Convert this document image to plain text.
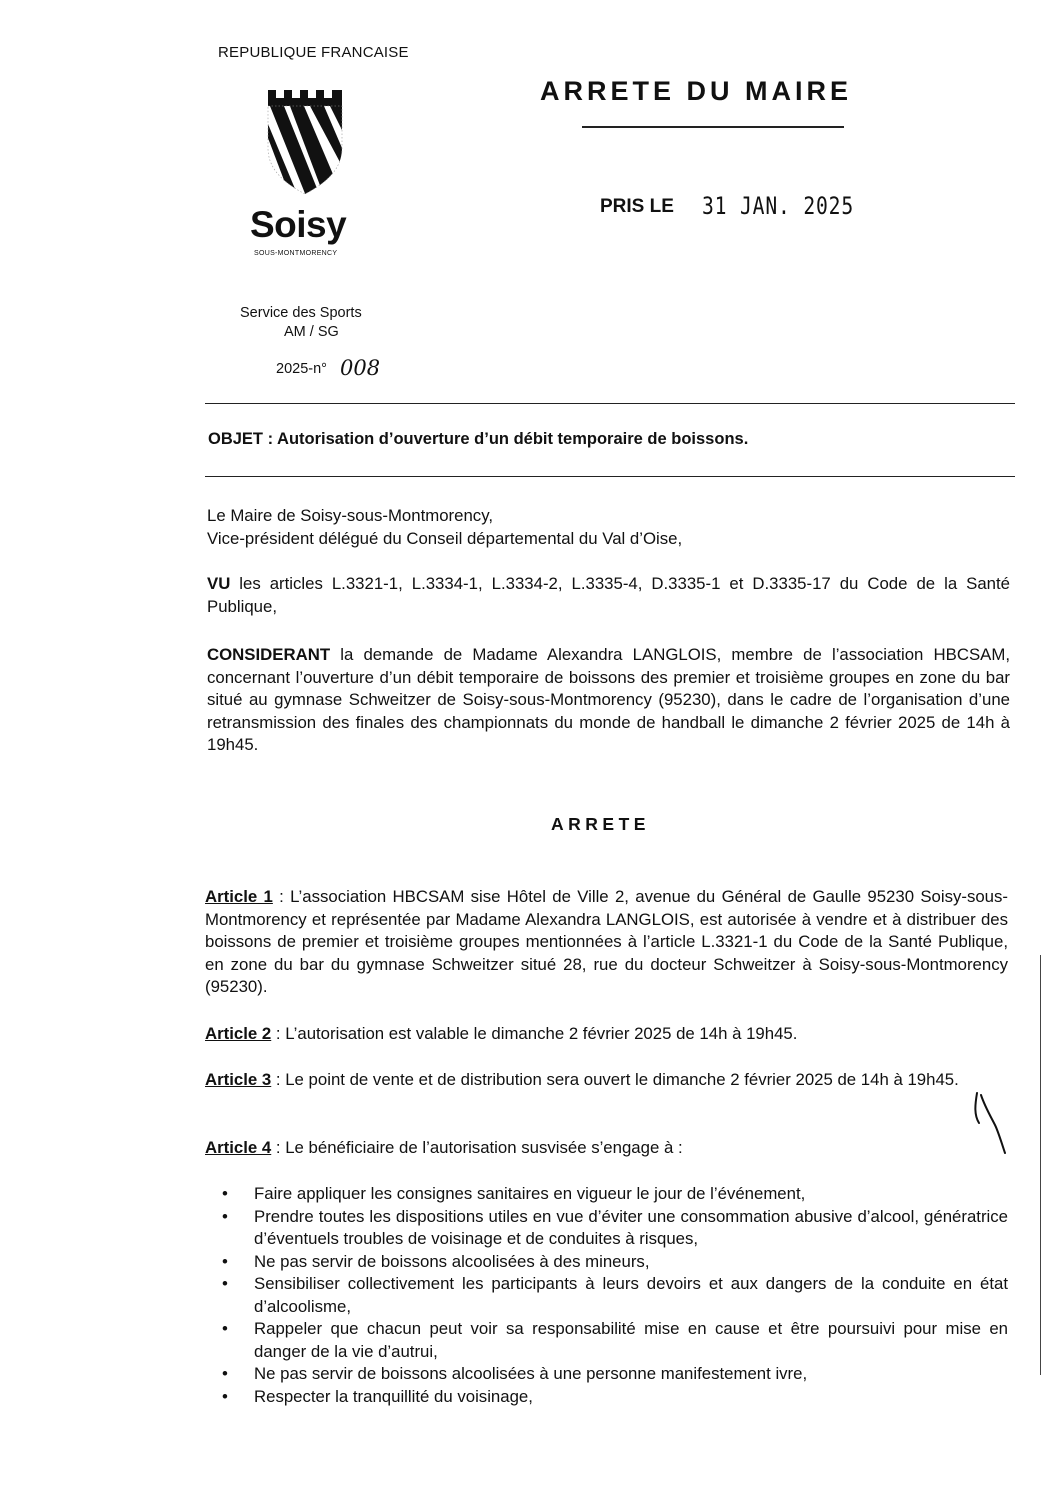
REPUBLIQUE FRANCAISE
Soisy
SOUS-MONTMORENCY
ARRETE DU MAIRE
PRIS LE 31 JAN. 2025
Service des Sports
AM / SG
2025-n° 008
OBJET : Autorisation d’ouverture d’un débit temporaire de boissons.
Le Maire de Soisy-sous-Montmorency,
Vice-président délégué du Conseil départemental du Val d’Oise,
VU les articles L.3321-1, L.3334-1, L.3334-2, L.3335-4, D.3335-1 et D.3335-17 du Code de la Santé Publique,
CONSIDERANT la demande de Madame Alexandra LANGLOIS, membre de l’association HBCSAM, concernant l’ouverture d’un débit temporaire de boissons des premier et troisième groupes en zone du bar situé au gymnase Schweitzer de Soisy-sous-Montmorency (95230), dans le cadre de l’organisation d’une retransmission des finales des championnats du monde de handball le dimanche 2 février 2025 de 14h à 19h45.
ARRETE
Article 1 : L’association HBCSAM sise Hôtel de Ville 2, avenue du Général de Gaulle 95230 Soisy-sous-Montmorency et représentée par Madame Alexandra LANGLOIS, est autorisée à vendre et à distribuer des boissons de premier et troisième groupes mentionnées à l’article L.3321-1 du Code de la Santé Publique, en zone du bar du gymnase Schweitzer situé 28, rue du docteur Schweitzer à Soisy-sous-Montmorency (95230).
Article 2 : L’autorisation est valable le dimanche 2 février 2025 de 14h à 19h45.
Article 3 : Le point de vente et de distribution sera ouvert le dimanche 2 février 2025 de 14h à 19h45.
Article 4 : Le bénéficiaire de l’autorisation susvisée s’engage à :
• Faire appliquer les consignes sanitaires en vigueur le jour de l’événement,
• Prendre toutes les dispositions utiles en vue d’éviter une consommation abusive d’alcool, génératrice d’éventuels troubles de voisinage et de conduites à risques,
• Ne pas servir de boissons alcoolisées à des mineurs,
• Sensibiliser collectivement les participants à leurs devoirs et aux dangers de la conduite en état d’alcoolisme,
• Rappeler que chacun peut voir sa responsabilité mise en cause et être poursuivi pour mise en danger de la vie d’autrui,
• Ne pas servir de boissons alcoolisées à une personne manifestement ivre,
• Respecter la tranquillité du voisinage,
